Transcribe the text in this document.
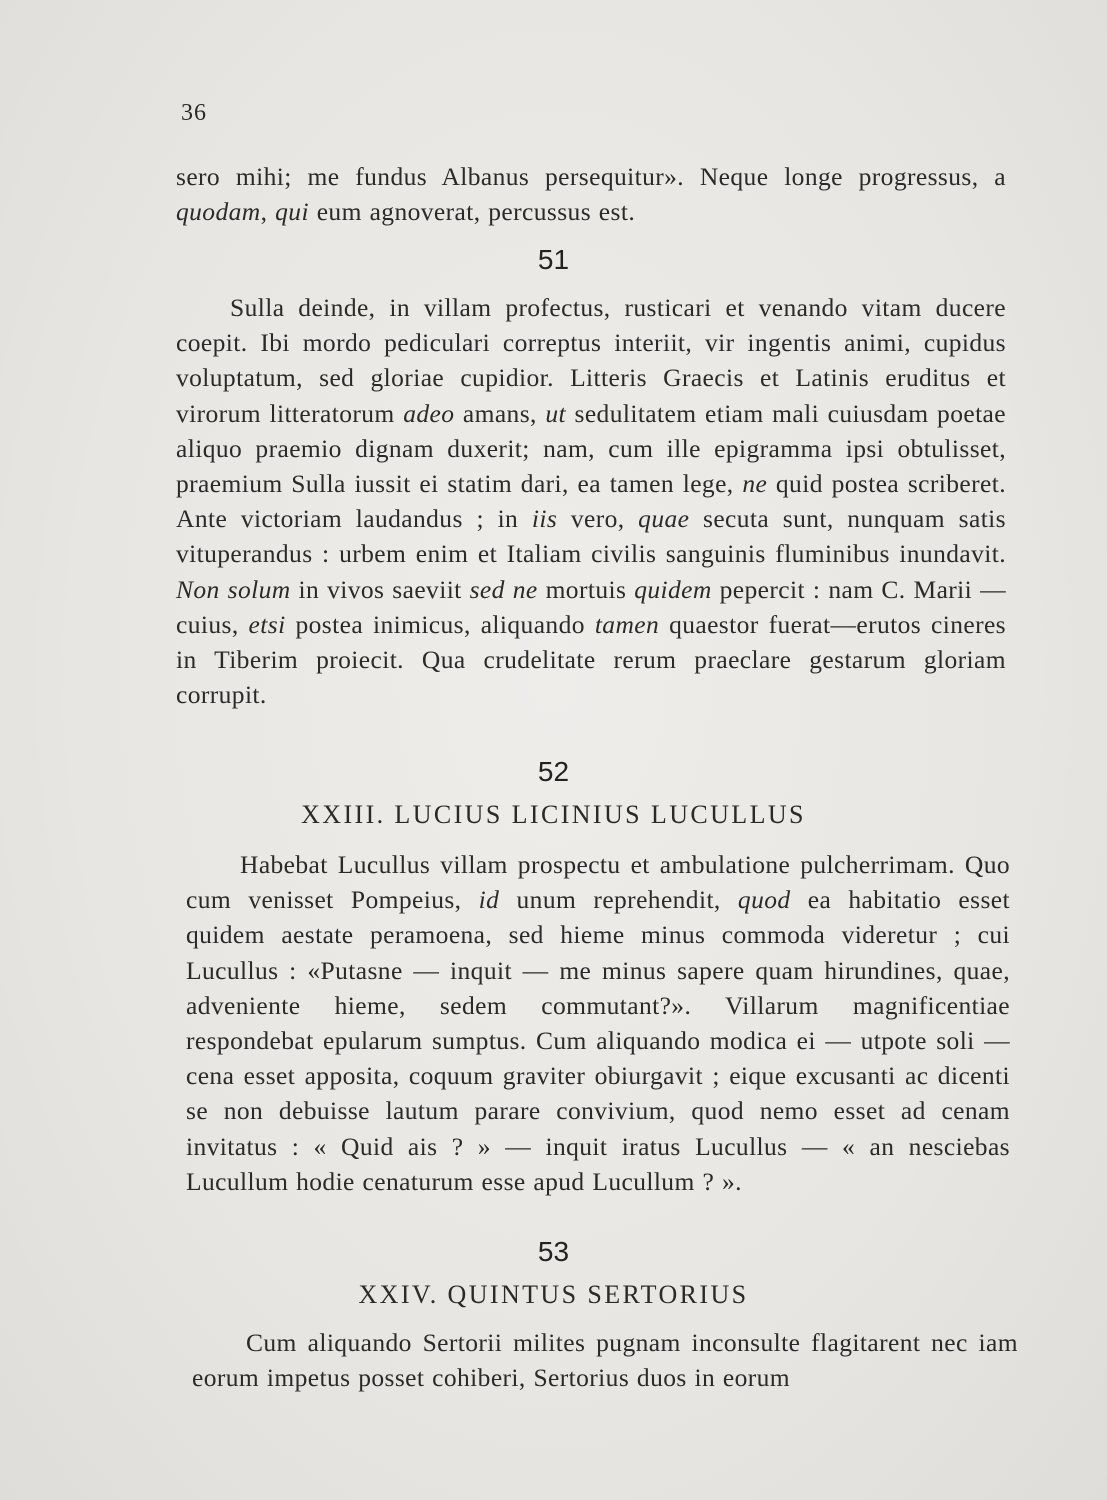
36

sero mihi; me fundus Albanus persequitur». Neque longe progressus, a quodam, qui eum agnoverat, percussus est.

51

Sulla deinde, in villam profectus, rusticari et venando vitam ducere coepit. Ibi mordo pediculari correptus interiit, vir ingentis animi, cupidus voluptatum, sed gloriae cupidior. Litteris Graecis et Latinis eruditus et virorum litteratorum adeo amans, ut sedulitatem etiam mali cuiusdam poetae aliquo praemio dignam duxerit; nam, cum ille epigramma ipsi obtulisset, praemium Sulla iussit ei statim dari, ea tamen lege, ne quid postea scriberet. Ante victoriam laudandus ; in iis vero, quae secuta sunt, nunquam satis vituperandus : urbem enim et Italiam civilis sanguinis fluminibus inundavit. Non solum in vivos saeviit sed ne mortuis quidem pepercit : nam C. Marii — cuius, etsi postea inimicus, aliquando tamen quaestor fuerat—erutos cineres in Tiberim proiecit. Qua crudelitate rerum praeclare gestarum gloriam corrupit.

52
XXIII. LUCIUS LICINIUS LUCULLUS

Habebat Lucullus villam prospectu et ambulatione pulcherrimam. Quo cum venisset Pompeius, id unum reprehendit, quod ea habitatio esset quidem aestate peramoena, sed hieme minus commoda videretur ; cui Lucullus : «Putasne — inquit — me minus sapere quam hirundines, quae, adveniente hieme, sedem commutant?». Villarum magnificentiae respondebat epularum sumptus. Cum aliquando modica ei — utpote soli — cena esset apposita, coquum graviter obiurgavit ; eique excusanti ac dicenti se non debuisse lautum parare convivium, quod nemo esset ad cenam invitatus : « Quid ais ? » — inquit iratus Lucullus — « an nesciebas Lucullum hodie cenaturum esse apud Lucullum ? ».

53
XXIV. QUINTUS SERTORIUS

Cum aliquando Sertorii milites pugnam inconsulte flagitarent nec iam eorum impetus posset cohiberi, Sertorius duos in eorum
